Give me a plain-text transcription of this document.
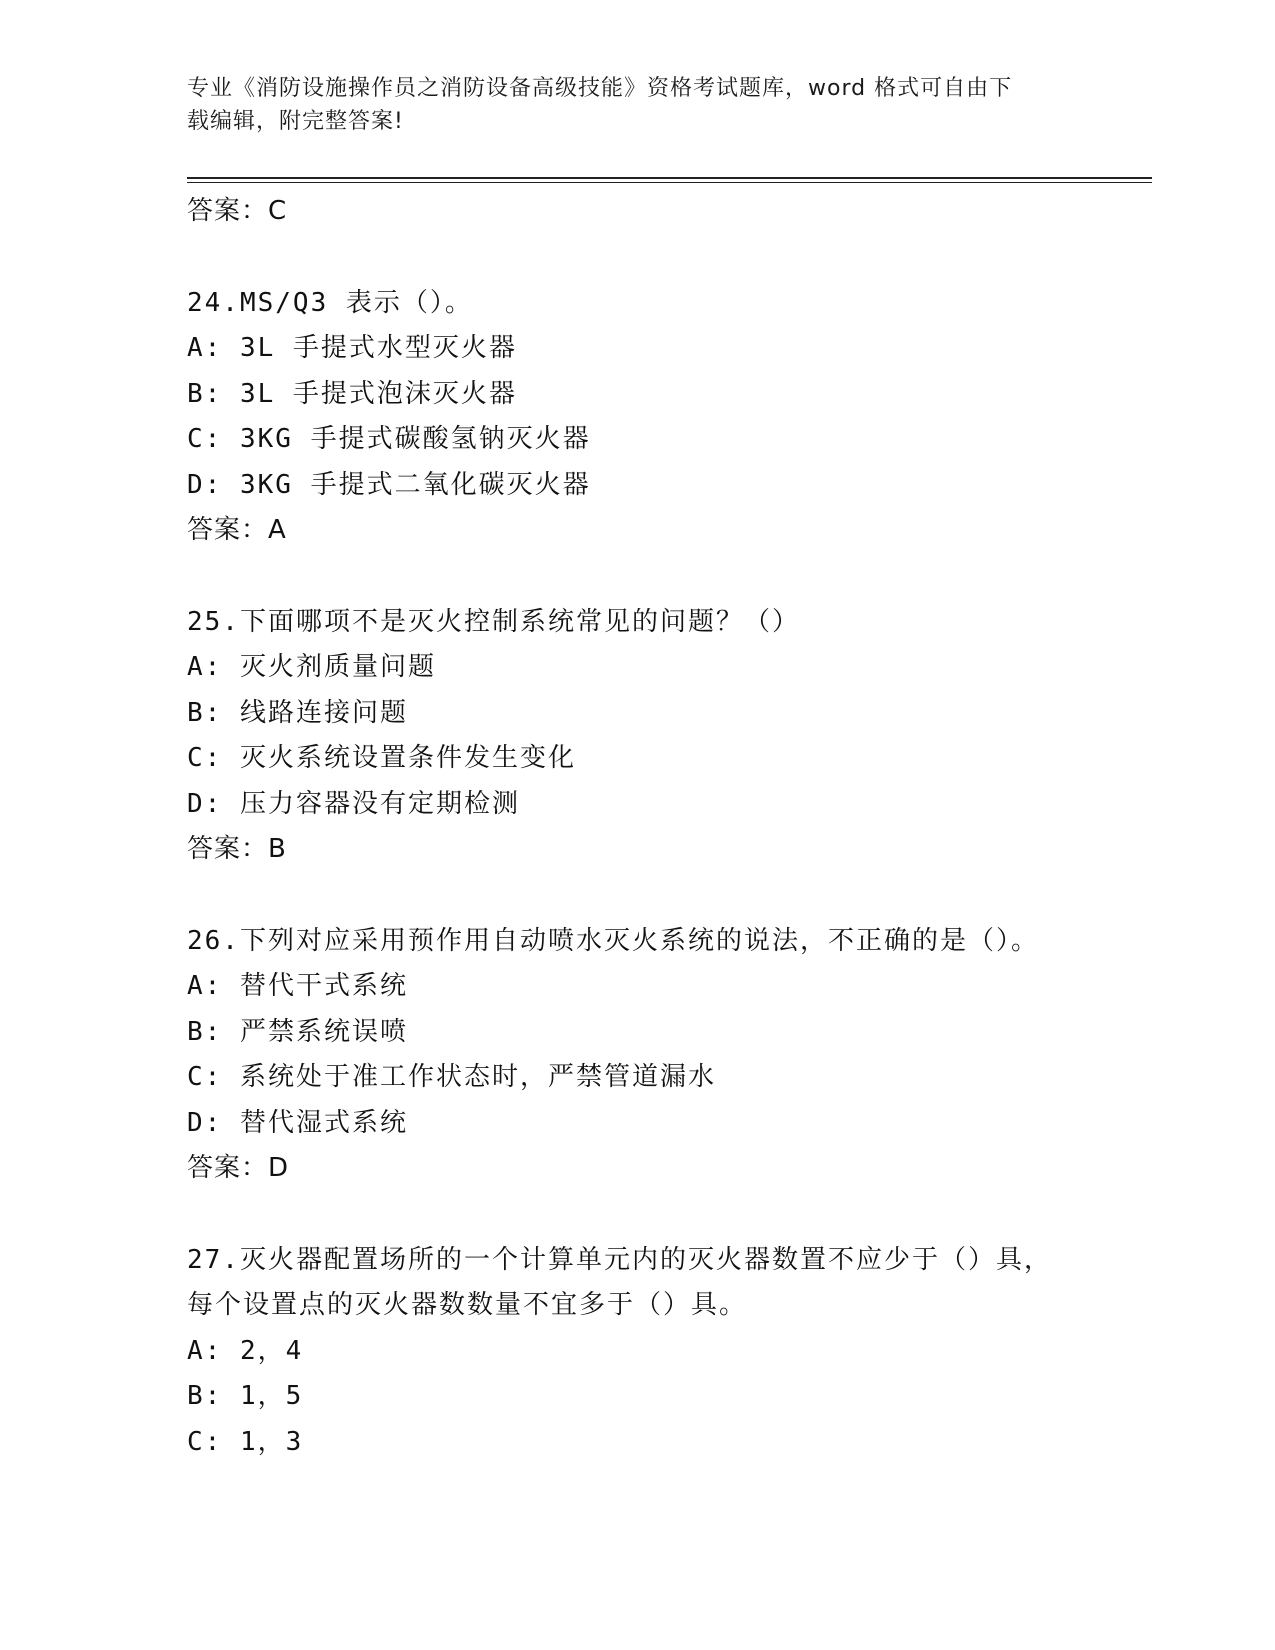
专业《消防设施操作员之消防设备高级技能》资格考试题库，word 格式可自由下
载编辑，附完整答案!
答案：C
24.MS/Q3 表示（）。
A: 3L 手提式水型灭火器
B: 3L 手提式泡沫灭火器
C: 3KG 手提式碳酸氢钠灭火器
D: 3KG 手提式二氧化碳灭火器
答案：A
25.下面哪项不是灭火控制系统常见的问题？（）
A: 灭火剂质量问题
B: 线路连接问题
C: 灭火系统设置条件发生变化
D: 压力容器没有定期检测
答案：B
26.下列对应采用预作用自动喷水灭火系统的说法，不正确的是（）。
A: 替代干式系统
B: 严禁系统误喷
C: 系统处于准工作状态时，严禁管道漏水
D: 替代湿式系统
答案：D
27.灭火器配置场所的一个计算单元内的灭火器数置不应少于（）具，
每个设置点的灭火器数数量不宜多于（）具。
A: 2，4
B: 1，5
C: 1，3
